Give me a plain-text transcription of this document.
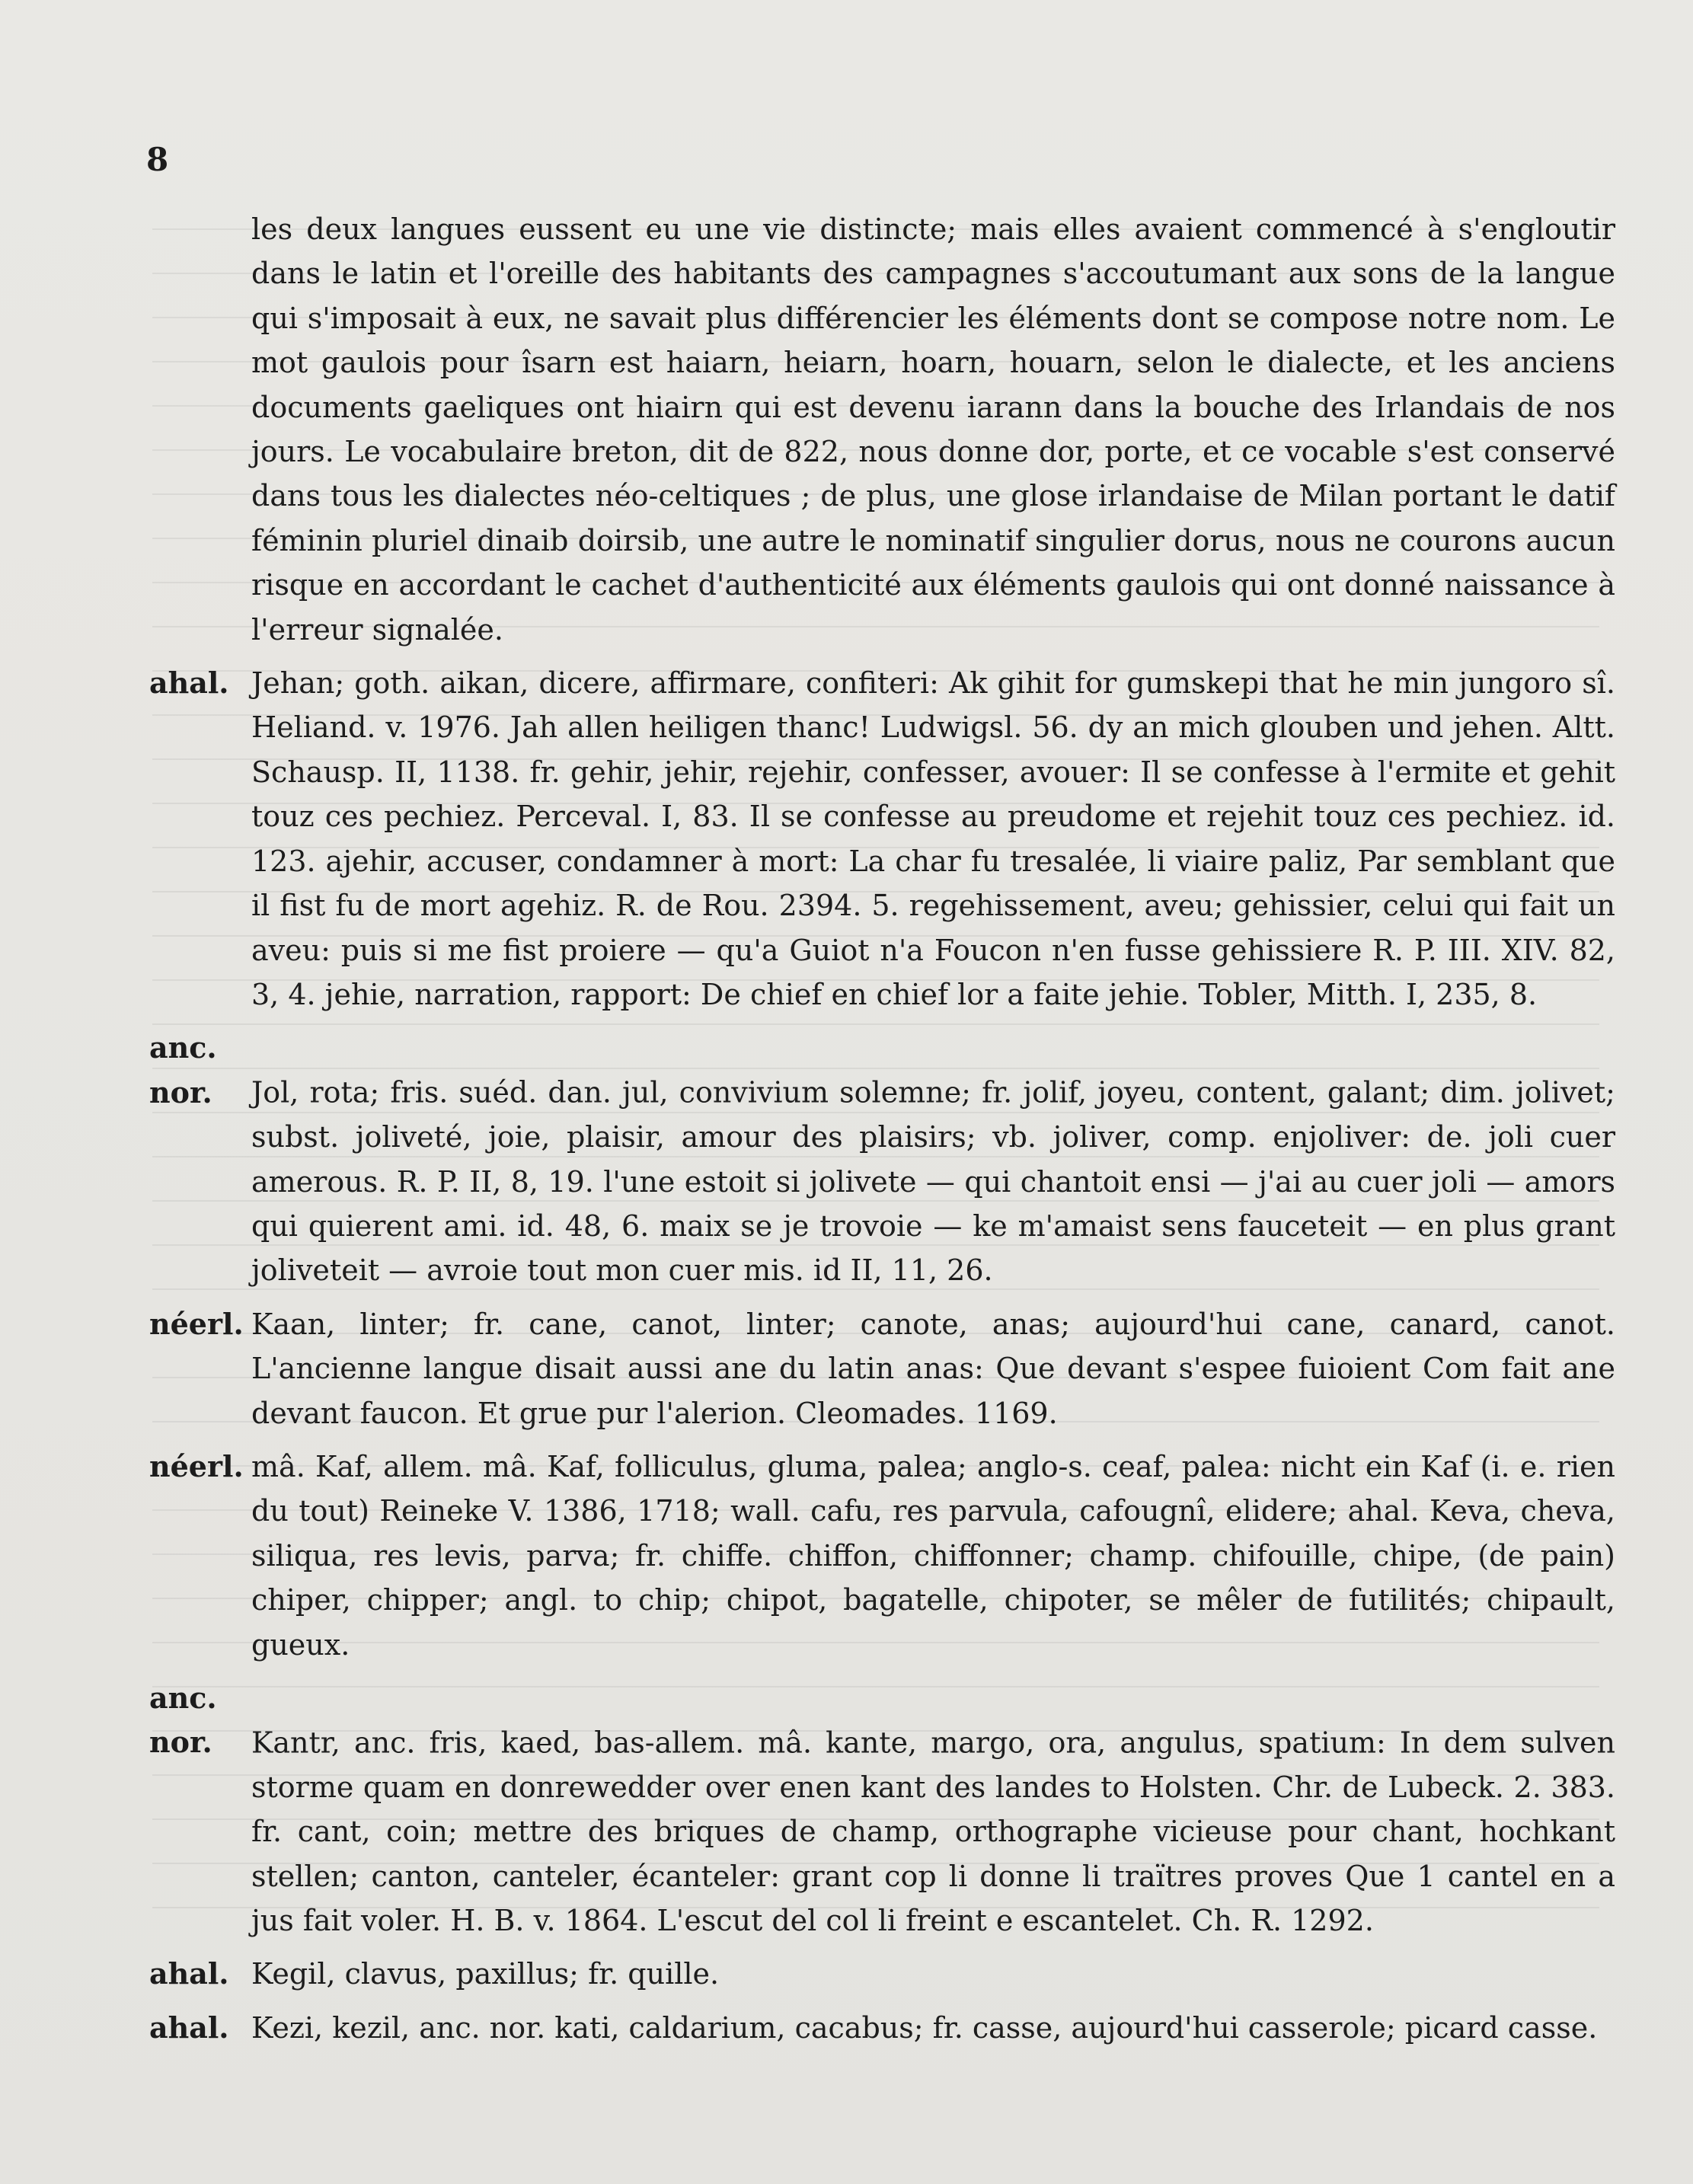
8

les deux langues eussent eu une vie distincte; mais elles avaient commencé à s'engloutir dans le latin et l'oreille des habitants des campagnes s'accoutumant aux sons de la langue qui s'imposait à eux, ne savait plus différencier les éléments dont se compose notre nom. Le mot gaulois pour îsarn est haiarn, heiarn, hoarn, houarn, selon le dialecte, et les anciens documents gaeliques ont hiairn qui est devenu iarann dans la bouche des Irlandais de nos jours. Le vocabulaire breton, dit de 822, nous donne dor, porte, et ce vocable s'est conservé dans tous les dialectes néo-celtiques ; de plus, une glose irlandaise de Milan portant le datif féminin pluriel dinaib doirsib, une autre le nominatif singulier dorus, nous ne courons aucun risque en accordant le cachet d'authenticité aux éléments gaulois qui ont donné naissance à l'erreur signalée.

ahal. Jehan; goth. aikan, dicere, affirmare, confiteri: Ak gihit for gumskepi that he min jungoro sî. Heliand. v. 1976. Jah allen heiligen thanc! Ludwigsl. 56. dy an mich glouben und jehen. Altt. Schausp. II, 1138. fr. gehir, jehir, rejehir, confesser, avouer: Il se confesse à l'ermite et gehit touz ces pechiez. Perceval. I, 83. Il se confesse au preudome et rejehit touz ces pechiez. id. 123. ajehir, accuser, condamner à mort: La char fu tresalée, li viaire paliz, Par semblant que il fist fu de mort agehiz. R. de Rou. 2394. 5. regehissement, aveu; gehissier, celui qui fait un aveu: puis si me fist proiere — qu'a Guiot n'a Foucon n'en fusse gehissiere R. P. III. XIV. 82, 3, 4. jehie, narration, rapport: De chief en chief lor a faite jehie. Tobler, Mitth. I, 235, 8.

anc. nor. Jol, rota; fris. suéd. dan. jul, convivium solemne; fr. jolif, joyeu, content, galant; dim. jolivet; subst. joliveté, joie, plaisir, amour des plaisirs; vb. joliver, comp. enjoliver: de. joli cuer amerous. R. P. II, 8, 19. l'une estoit si jolivete — qui chantoit ensi — j'ai au cuer joli — amors qui quierent ami. id. 48, 6. maix se je trovoie — ke m'amaist sens fauceteit — en plus grant joliveteit — avroie tout mon cuer mis. id II, 11, 26.

néerl. Kaan, linter; fr. cane, canot, linter; canote, anas; aujourd'hui cane, canard, canot. L'ancienne langue disait aussi ane du latin anas: Que devant s'espee fuioient Com fait ane devant faucon. Et grue pur l'alerion. Cleomades. 1169.

néerl. mâ. Kaf, allem. mâ. Kaf, folliculus, gluma, palea; anglo-s. ceaf, palea: nicht ein Kaf (i. e. rien du tout) Reineke V. 1386, 1718; wall. cafu, res parvula, cafougnî, elidere; ahal. Keva, cheva, siliqua, res levis, parva; fr. chiffe. chiffon, chiffonner; champ. chifouille, chipe, (de pain) chiper, chipper; angl. to chip; chipot, bagatelle, chipoter, se mêler de futilités; chipault, gueux.

anc. nor. Kantr, anc. fris, kaed, bas-allem. mâ. kante, margo, ora, angulus, spatium: In dem sulven storme quam en donrewedder over enen kant des landes to Holsten. Chr. de Lubeck. 2. 383. fr. cant, coin; mettre des briques de champ, orthographe vicieuse pour chant, hochkant stellen; canton, canteler, écanteler: grant cop li donne li traïtres proves Que 1 cantel en a jus fait voler. H. B. v. 1864. L'escut del col li freint e escantelet. Ch. R. 1292.

ahal. Kegil, clavus, paxillus; fr. quille.

ahal. Kezi, kezil, anc. nor. kati, caldarium, cacabus; fr. casse, aujourd'hui casserole; picard casse.
